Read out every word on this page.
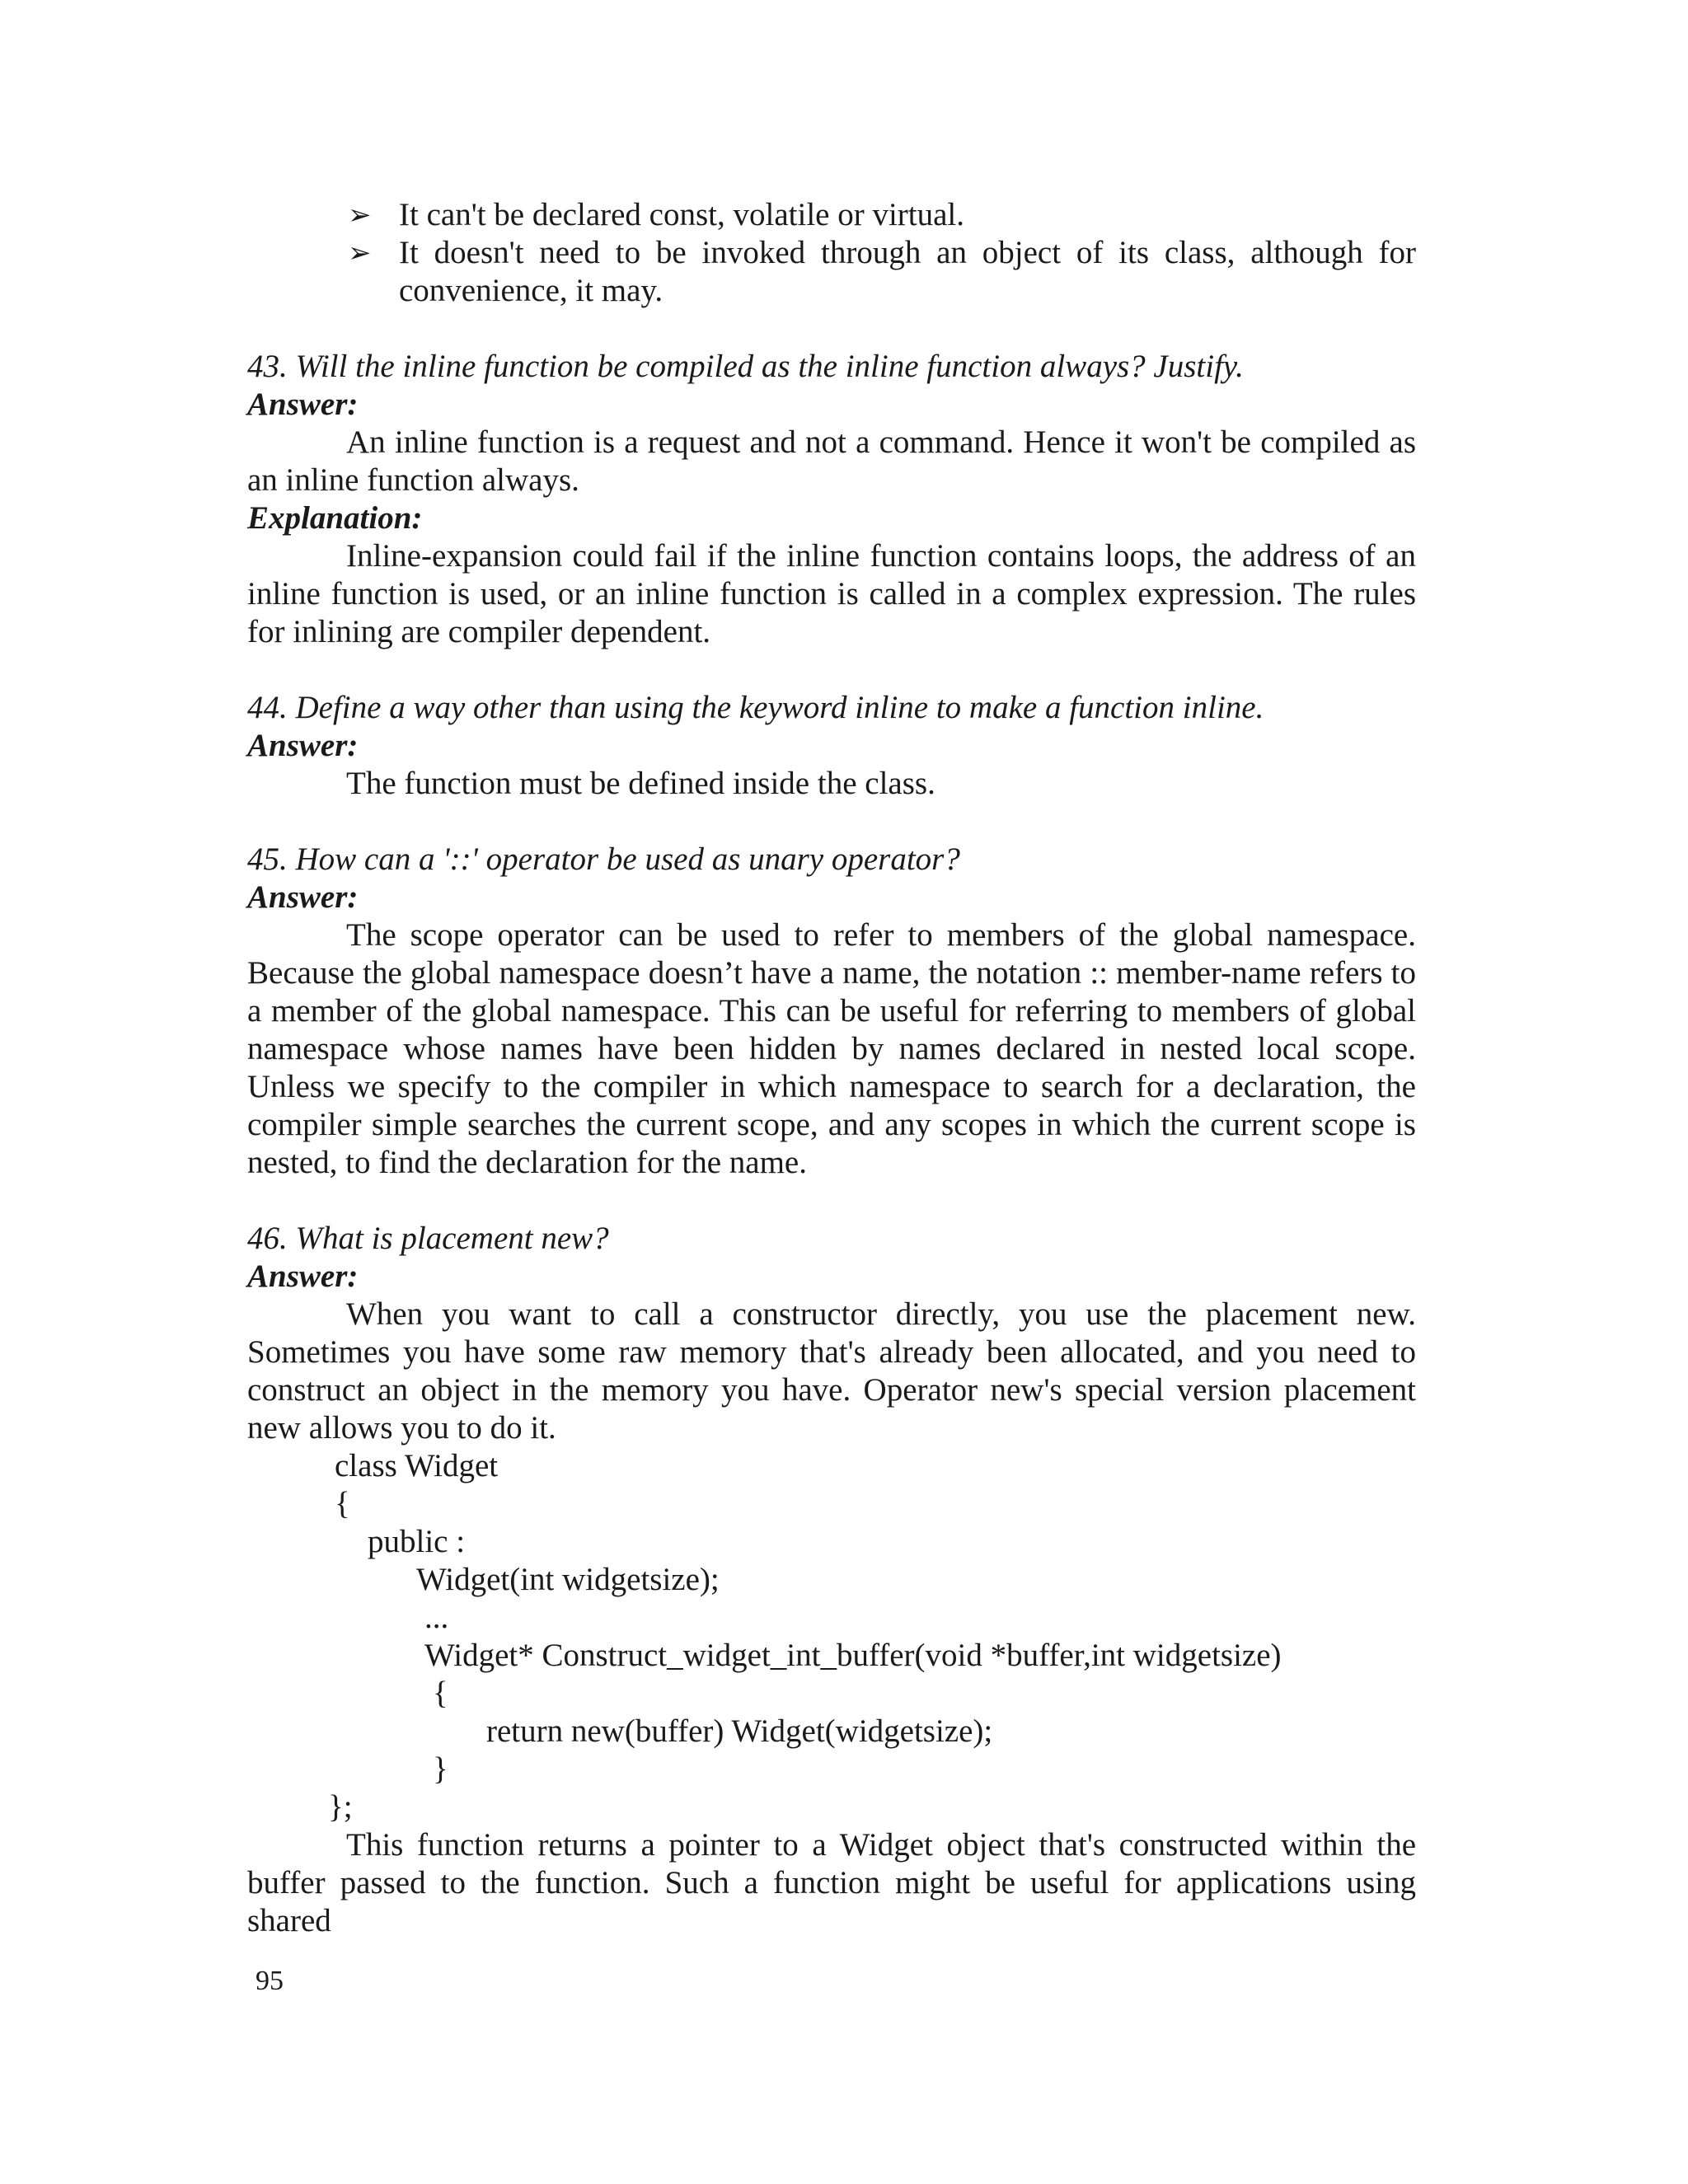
➢ It can't be declared const, volatile or virtual.
➢ It doesn't need to be invoked through an object of its class, although for convenience, it may.

43. Will the inline function be compiled as the inline function always? Justify.

Answer:

An inline function is a request and not a command. Hence it won't be compiled as an inline function always.

Explanation:

Inline-expansion could fail if the inline function contains loops, the address of an inline function is used, or an inline function is called in a complex expression. The rules for inlining are compiler dependent.

44. Define a way other than using the keyword inline to make a function inline.

Answer:

The function must be defined inside the class.

45. How can a '::' operator be used as unary operator?

Answer:

The scope operator can be used to refer to members of the global namespace. Because the global namespace doesn’t have a name, the notation :: member-name refers to a member of the global namespace. This can be useful for referring to members of global namespace whose names have been hidden by names declared in nested local scope. Unless we specify to the compiler in which namespace to search for a declaration, the compiler simple searches the current scope, and any scopes in which the current scope is nested, to find the declaration for the name.

46. What is placement new?

Answer:

When you want to call a constructor directly, you use the placement new. Sometimes you have some raw memory that's already been allocated, and you need to construct an object in the memory you have. Operator new's special version placement new allows you to do it.

class Widget
{
public :
Widget(int widgetsize);
...
Widget* Construct_widget_int_buffer(void *buffer,int widgetsize)
{
return new(buffer) Widget(widgetsize);
}
};

This function returns a pointer to a Widget object that's constructed within the buffer passed to the function. Such a function might be useful for applications using shared

95
